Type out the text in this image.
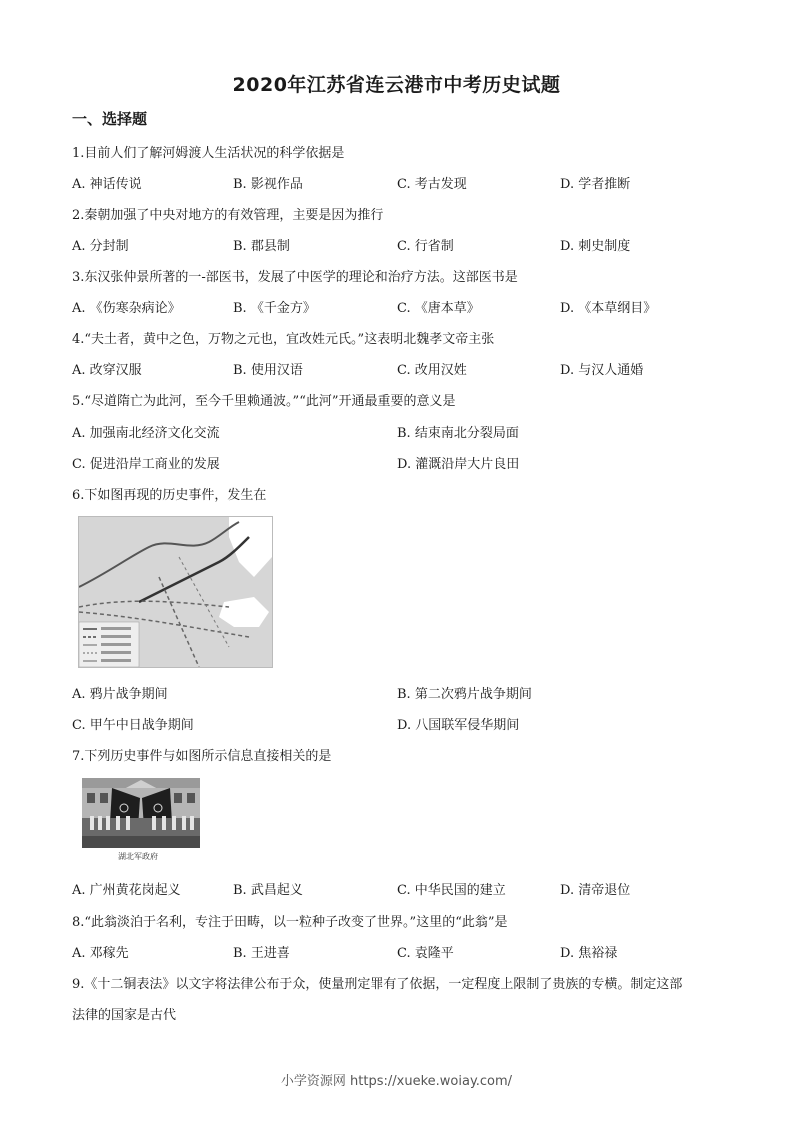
2020年江苏省连云港市中考历史试题
一、选择题
1.目前人们了解河姆渡人生活状况的科学依据是
A. 神话传说	B. 影视作品	C. 考古发现	D. 学者推断
2.秦朝加强了中央对地方的有效管理，主要是因为推行
A. 分封制	B. 郡县制	C. 行省制	D. 刺史制度
3.东汉张仲景所著的一-部医书，发展了中医学的理论和治疗方法。这部医书是
A. 《伤寒杂病论》	B. 《千金方》	C. 《唐本草》	D. 《本草纲目》
4.“夫土者，黄中之色，万物之元也，宜改姓元氏。”这表明北魏孝文帝主张
A. 改穿汉服	B. 使用汉语	C. 改用汉姓	D. 与汉人通婚
5.“尽道隋亡为此河，至今千里赖通波。”“此河”开通最重要的意义是
A. 加强南北经济文化交流	B. 结束南北分裂局面
C. 促进沿岸工商业的发展	D. 灌溉沿岸大片良田
6.下如图再现的历史事件，发生在
A. 鸦片战争期间	B. 第二次鸦片战争期间
C. 甲午中日战争期间	D. 八国联军侵华期间
7.下列历史事件与如图所示信息直接相关的是
湖北军政府
A. 广州黄花岗起义	B. 武昌起义	C. 中华民国的建立	D. 清帝退位
8.“此翁淡泊于名利，专注于田畴，以一粒种子改变了世界。”这里的“此翁”是
A. 邓稼先	B. 王进喜	C. 袁隆平	D. 焦裕禄
9.《十二铜表法》以文字将法律公布于众，使量刑定罪有了依据，一定程度上限制了贵族的专横。制定这部
法律的国家是古代
小学资源网 https://xueke.woiay.com/
